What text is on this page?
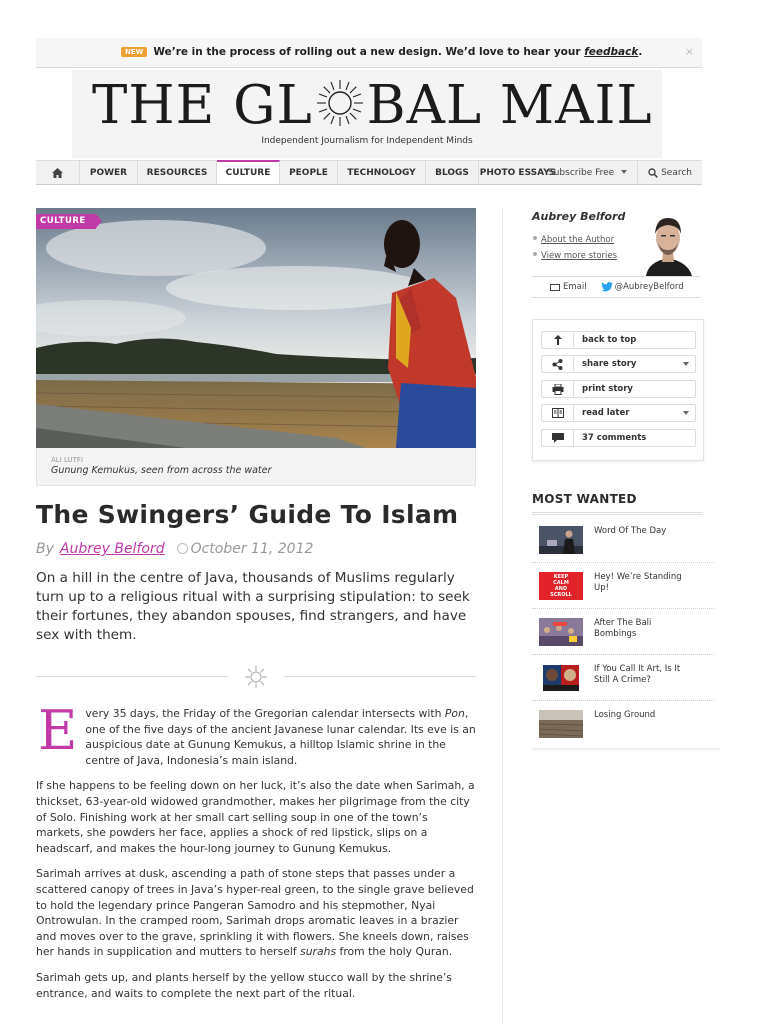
NEW We’re in the process of rolling out a new design. We’d love to hear your feedback.	×
THE GL BAL MAIL
Independent Journalism for Independent Minds
POWER	RESOURCES	CULTURE	PEOPLE	TECHNOLOGY	BLOGS	PHOTO ESSAYS
Subscribe Free	Search
CULTURE
ALI LUTFI
Gunung Kemukus, seen from across the water
The Swingers’ Guide To Islam
By Aubrey Belford October 11, 2012

On a hill in the centre of Java, thousands of Muslims regularly turn up to a religious ritual with a surprising stipulation: to seek their fortunes, they abandon spouses, find strangers, and have sex with them.

Every 35 days, the Friday of the Gregorian calendar intersects with Pon, one of the five days of the ancient Javanese lunar calendar. Its eve is an auspicious date at Gunung Kemukus, a hilltop Islamic shrine in the centre of Java, Indonesia’s main island.

If she happens to be feeling down on her luck, it’s also the date when Sarimah, a thickset, 63-year-old widowed grandmother, makes her pilgrimage from the city of Solo. Finishing work at her small cart selling soup in one of the town’s markets, she powders her face, applies a shock of red lipstick, slips on a headscarf, and makes the hour-long journey to Gunung Kemukus.

Sarimah arrives at dusk, ascending a path of stone steps that passes under a scattered canopy of trees in Java’s hyper-real green, to the single grave believed to hold the legendary prince Pangeran Samodro and his stepmother, Nyai Ontrowulan. In the cramped room, Sarimah drops aromatic leaves in a brazier and moves over to the grave, sprinkling it with flowers. She kneels down, raises her hands in supplication and mutters to herself surahs from the holy Quran.

Sarimah gets up, and plants herself by the yellow stucco wall by the shrine’s entrance, and waits to complete the next part of the ritual.

Aubrey Belford
About the Author
View more stories
Email	@AubreyBelford
back to top
share story
print story
read later
37 comments
MOST WANTED
Word Of The Day
KEEP CALM AND SCROLL
Hey! We’re Standing Up!
After The Bali Bombings
If You Call It Art, Is It Still A Crime?
Losing Ground
